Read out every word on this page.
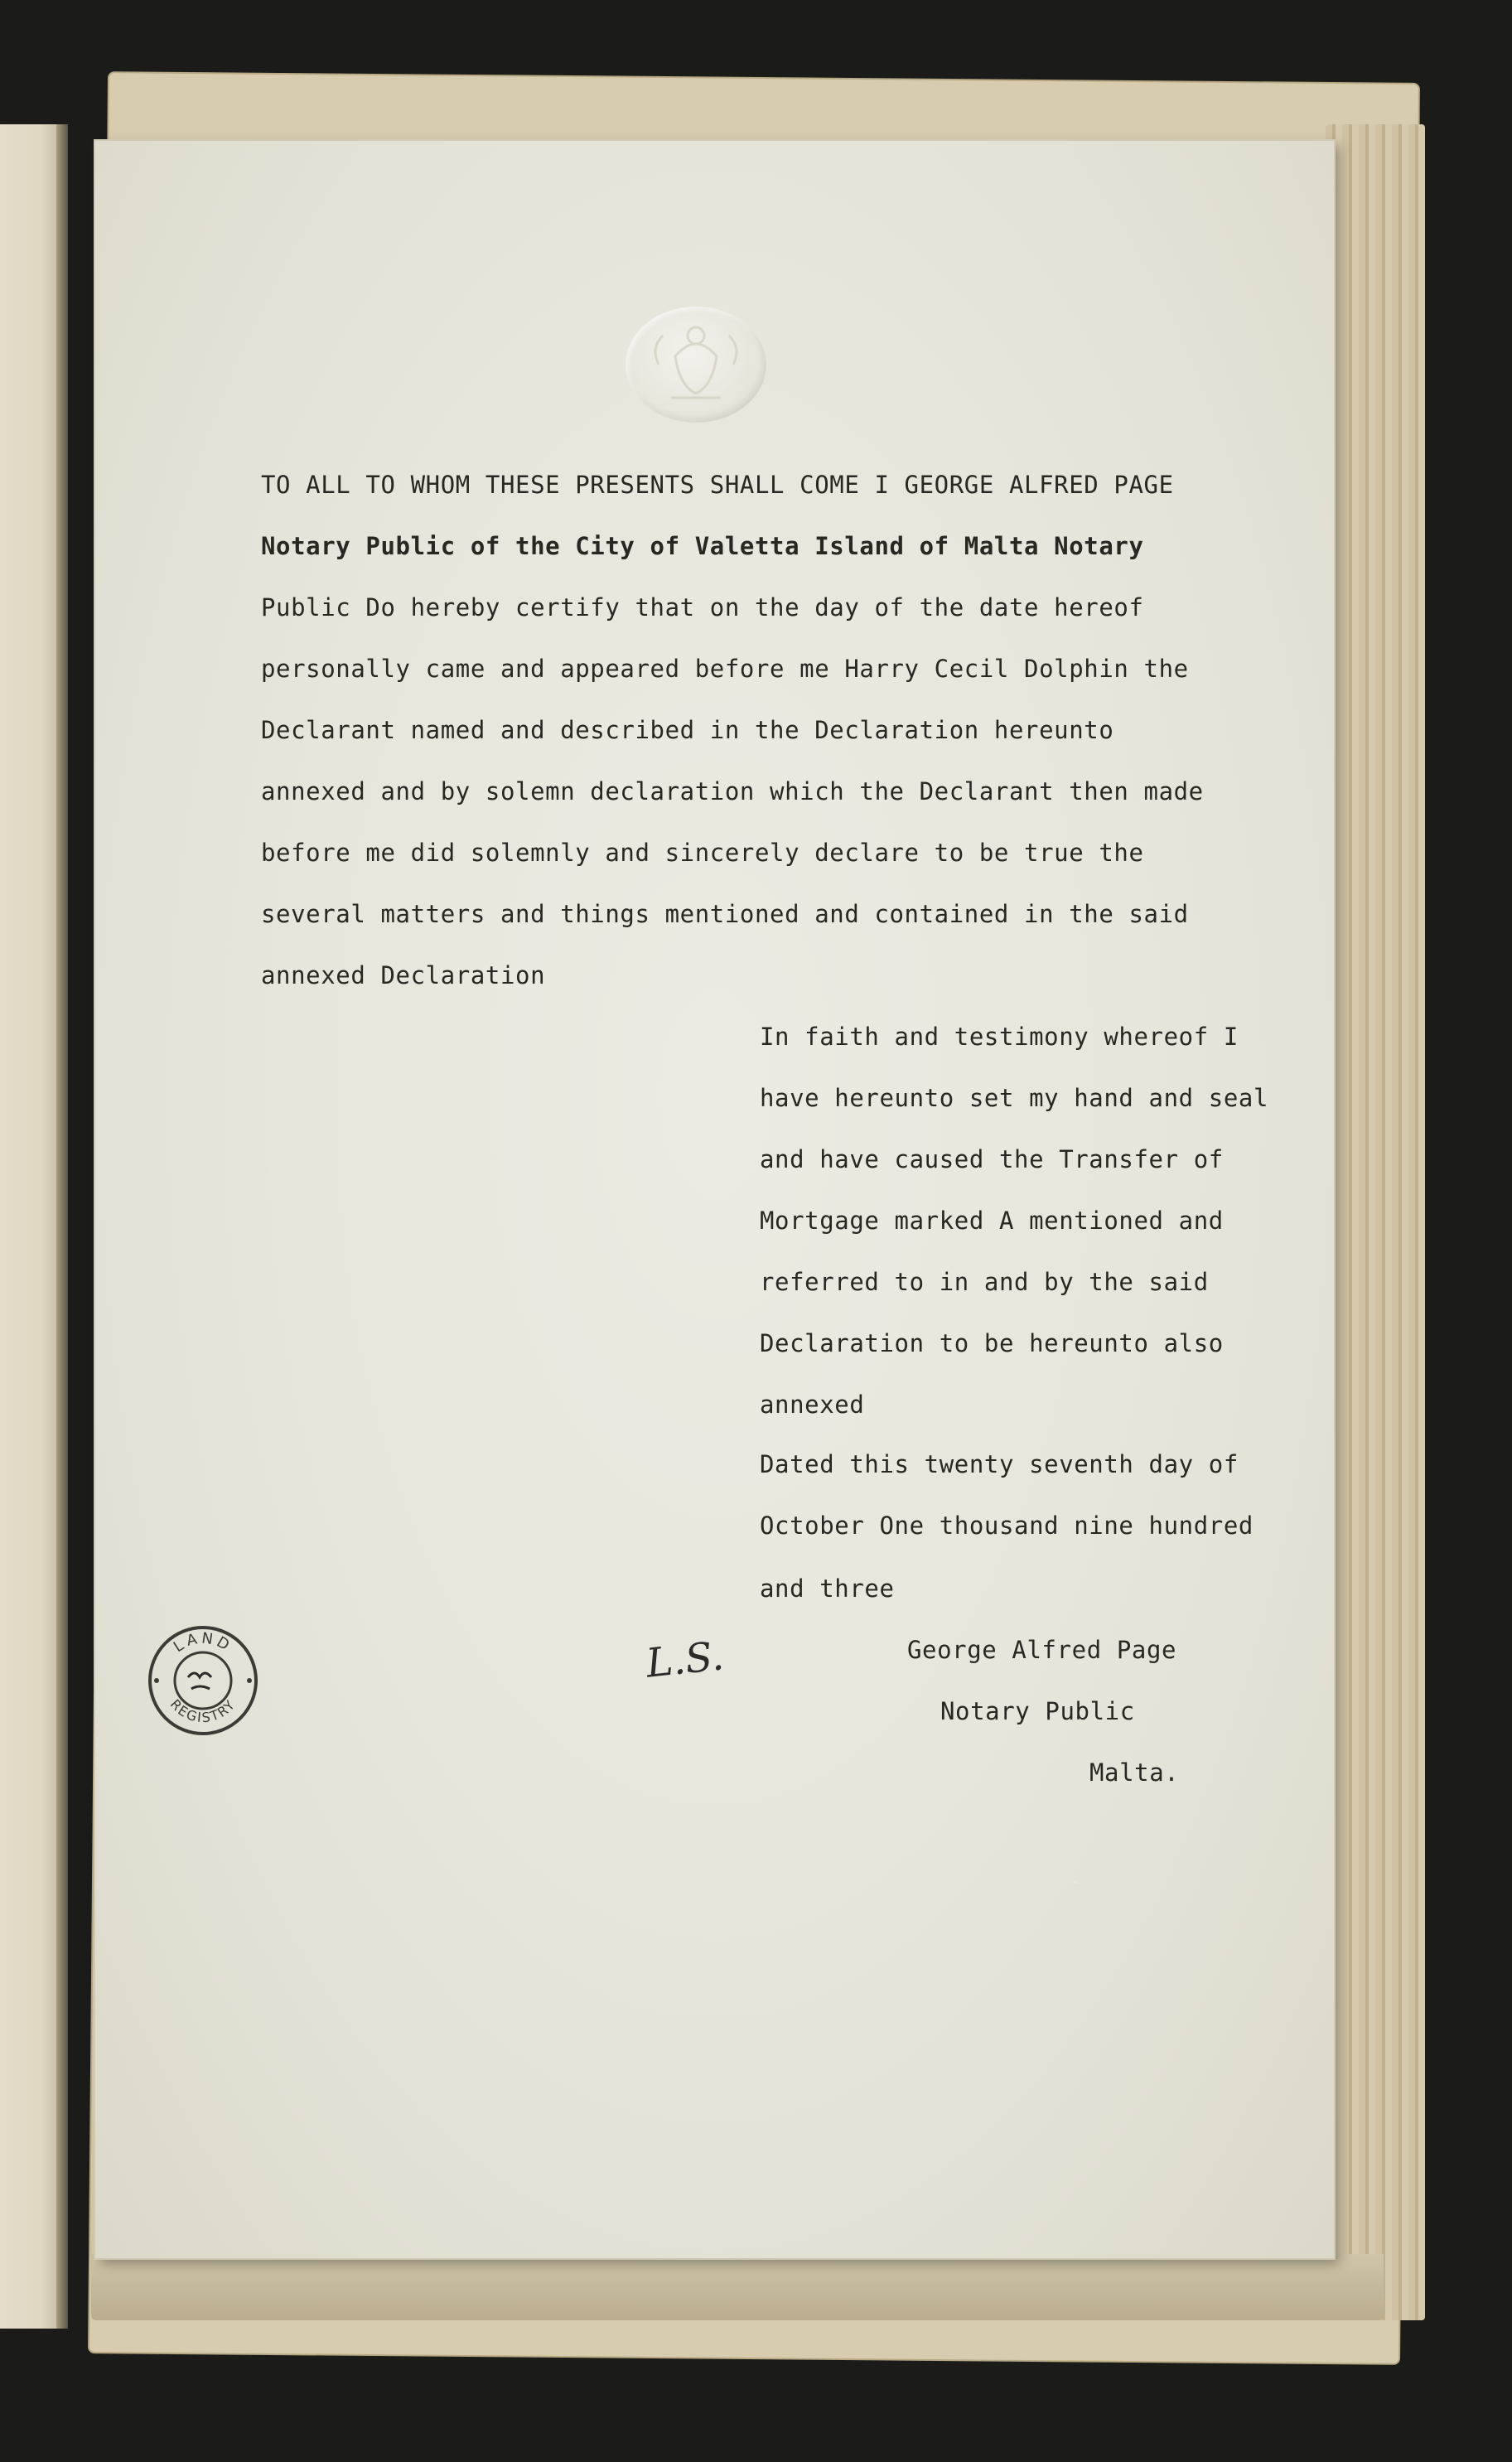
TO ALL TO WHOM THESE PRESENTS SHALL COME I GEORGE ALFRED PAGE
Notary Public of the City of Valetta Island of Malta Notary
Public Do hereby certify that on the day of the date hereof
personally came and appeared before me Harry Cecil Dolphin the
Declarant named and described in the Declaration hereunto
annexed and by solemn declaration which the Declarant then made
before me did solemnly and sincerely declare to be true the
several matters and things mentioned and contained in the said
annexed Declaration
In faith and testimony whereof I
have hereunto set my hand and seal
and have caused the Transfer of
Mortgage marked A mentioned and
referred to in and by the said
Declaration to be hereunto also
annexed
Dated this twenty seventh day of
October One thousand nine hundred
and three
George Alfred Page
Notary Public
Malta.
L.S.
LAND
REGISTRY
